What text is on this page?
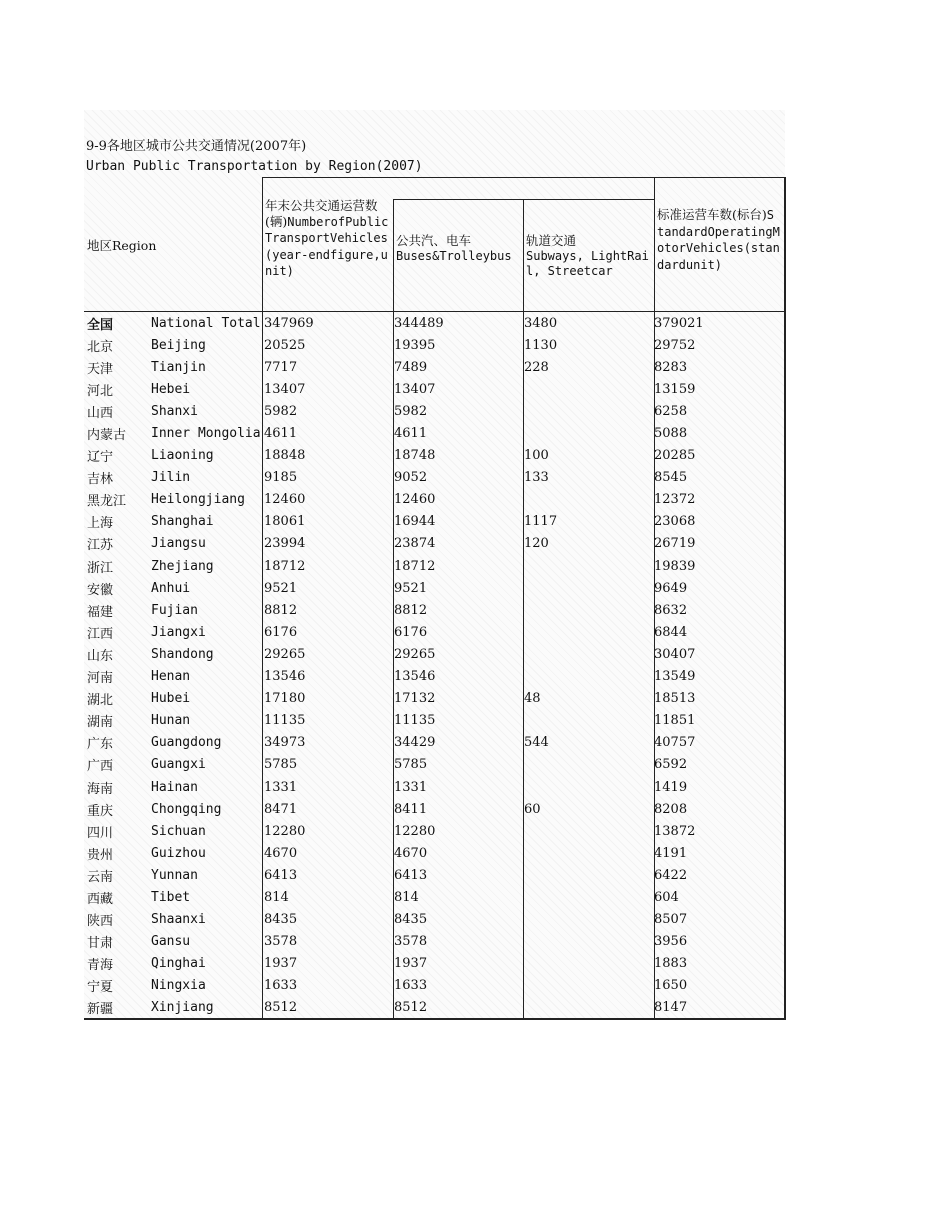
9-9各地区城市公共交通情况(2007年)
Urban Public Transportation by Region(2007)
地区Region
年末公共交通运营数(辆)NumberofPublicTransportVehicles(year-endfigure,unit)
公共汽、电车
Buses&Trolleybus
轨道交通
Subways, LightRail, Streetcar
标准运营车数(标台)StandardOperatingMotorVehicles(standardunit)
全国	National Total	347969	344489	3480	379021
北京	Beijing	20525	19395	1130	29752
天津	Tianjin	7717	7489	228	8283
河北	Hebei	13407	13407		13159
山西	Shanxi	5982	5982		6258
内蒙古	Inner Mongolia	4611	4611		5088
辽宁	Liaoning	18848	18748	100	20285
吉林	Jilin	9185	9052	133	8545
黑龙江	Heilongjiang	12460	12460		12372
上海	Shanghai	18061	16944	1117	23068
江苏	Jiangsu	23994	23874	120	26719
浙江	Zhejiang	18712	18712		19839
安徽	Anhui	9521	9521		9649
福建	Fujian	8812	8812		8632
江西	Jiangxi	6176	6176		6844
山东	Shandong	29265	29265		30407
河南	Henan	13546	13546		13549
湖北	Hubei	17180	17132	48	18513
湖南	Hunan	11135	11135		11851
广东	Guangdong	34973	34429	544	40757
广西	Guangxi	5785	5785		6592
海南	Hainan	1331	1331		1419
重庆	Chongqing	8471	8411	60	8208
四川	Sichuan	12280	12280		13872
贵州	Guizhou	4670	4670		4191
云南	Yunnan	6413	6413		6422
西藏	Tibet	814	814		604
陕西	Shaanxi	8435	8435		8507
甘肃	Gansu	3578	3578		3956
青海	Qinghai	1937	1937		1883
宁夏	Ningxia	1633	1633		1650
新疆	Xinjiang	8512	8512		8147
